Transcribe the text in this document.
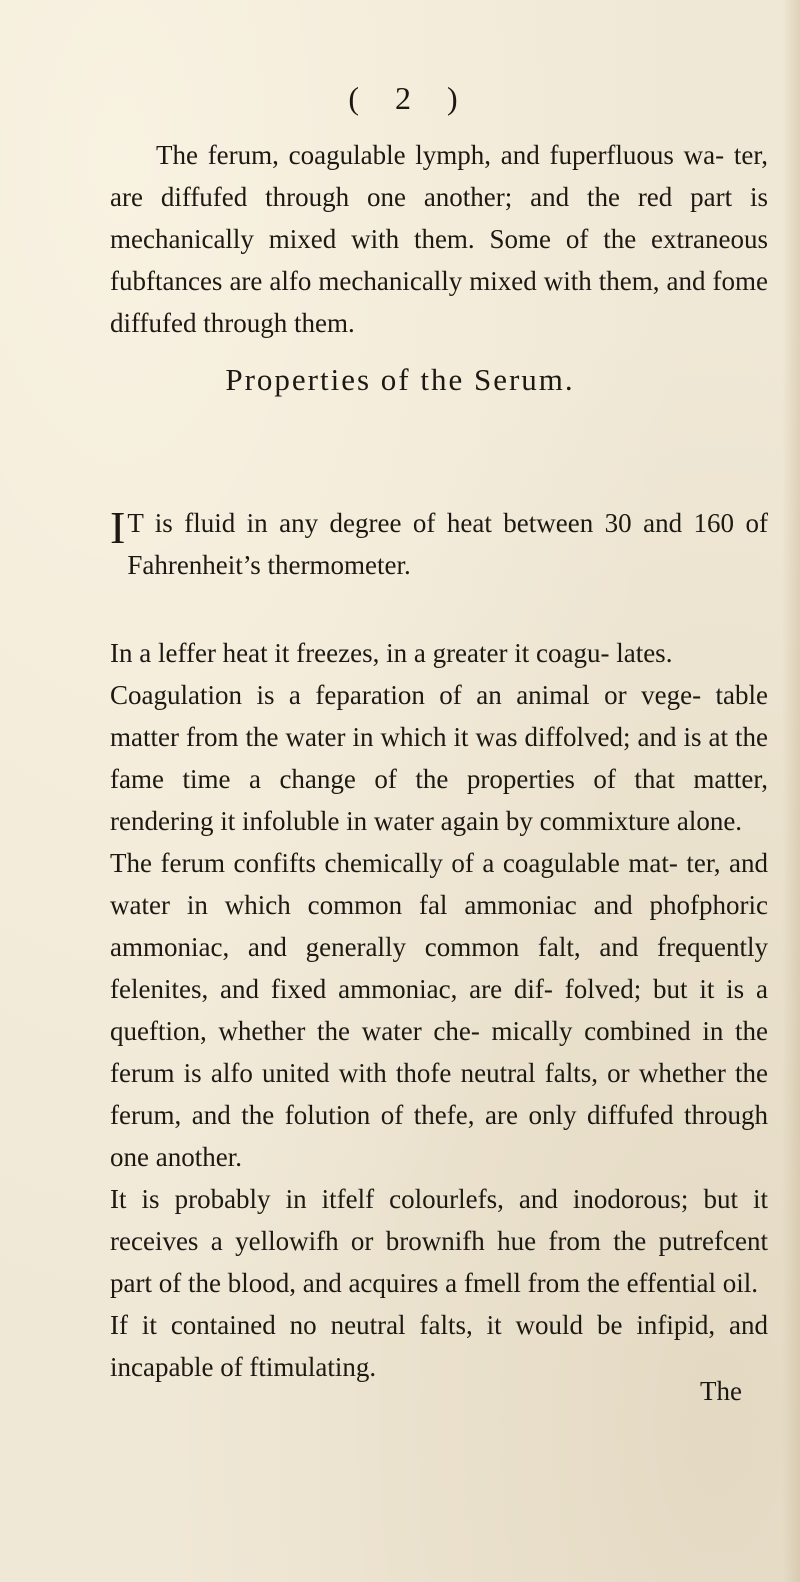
( 2 )

The ferum, coagulable lymph, and fuperfluous wa- ter, are diffufed through one another; and the red part is mechanically mixed with them. Some of the extraneous fubftances are alfo mechanically mixed with them, and fome diffufed through them.

Properties of the Serum.

I T is fluid in any degree of heat between 30 and 160 of Fahrenheit’s thermometer.

In a leffer heat it freezes, in a greater it coagu- lates.

Coagulation is a feparation of an animal or vege- table matter from the water in which it was diffolved; and is at the fame time a change of the properties of that matter, rendering it infoluble in water again by commixture alone.

The ferum confifts chemically of a coagulable mat- ter, and water in which common fal ammoniac and phofphoric ammoniac, and generally common falt, and frequently felenites, and fixed ammoniac, are dif- folved; but it is a queftion, whether the water che- mically combined in the ferum is alfo united with thofe neutral falts, or whether the ferum, and the folution of thefe, are only diffufed through one another.

It is probably in itfelf colourlefs, and inodorous; but it receives a yellowifh or brownifh hue from the putrefcent part of the blood, and acquires a fmell from the effential oil.

If it contained no neutral falts, it would be infipid, and incapable of ftimulating.

The
